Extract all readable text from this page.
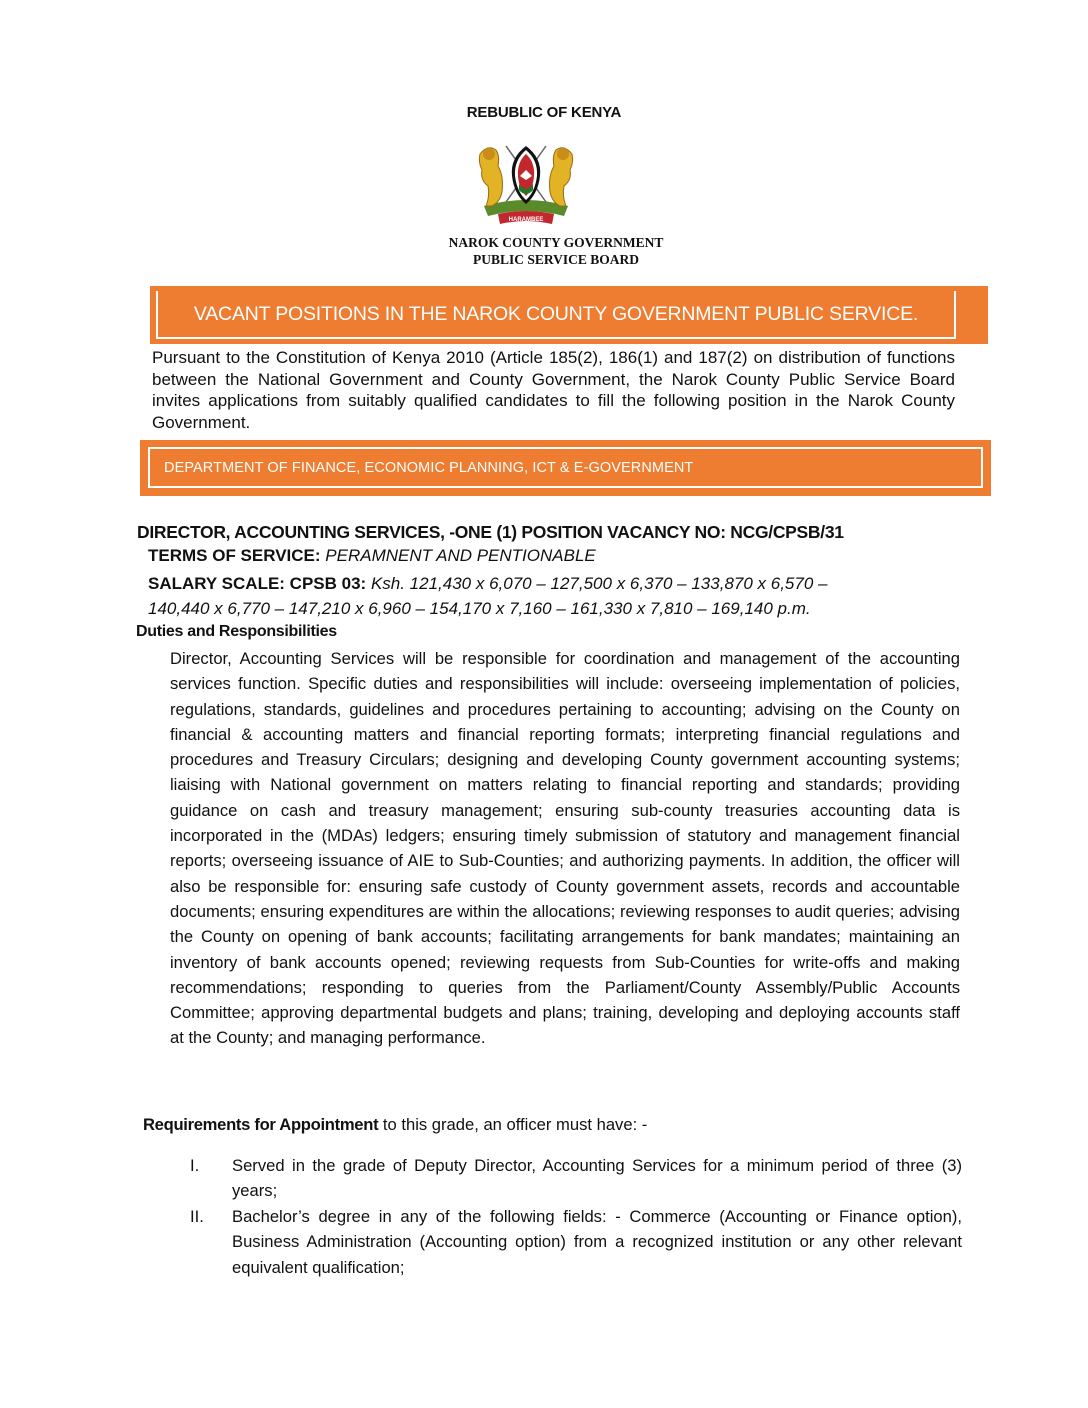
REBUBLIC OF KENYA
HARAMBEE
NAROK COUNTY GOVERNMENT
PUBLIC SERVICE BOARD
VACANT POSITIONS IN THE NAROK COUNTY GOVERNMENT PUBLIC SERVICE.
Pursuant to the Constitution of Kenya 2010 (Article 185(2), 186(1) and 187(2) on distribution of functions between the National Government and County Government, the Narok County Public Service Board invites applications from suitably qualified candidates to fill the following position in the Narok County Government.
DEPARTMENT OF FINANCE, ECONOMIC PLANNING, ICT & E-GOVERNMENT
DIRECTOR, ACCOUNTING SERVICES, -ONE (1) POSITION VACANCY NO: NCG/CPSB/31
TERMS OF SERVICE: PERAMNENT AND PENTIONABLE
SALARY SCALE: CPSB 03: Ksh. 121,430 x 6,070 – 127,500 x 6,370 – 133,870 x 6,570 –
140,440 x 6,770 – 147,210 x 6,960 – 154,170 x 7,160 – 161,330 x 7,810 – 169,140 p.m.
Duties and Responsibilities
Director, Accounting Services will be responsible for coordination and management of the accounting services function. Specific duties and responsibilities will include: overseeing implementation of policies, regulations, standards, guidelines and procedures pertaining to accounting; advising on the County on financial & accounting matters and financial reporting formats; interpreting financial regulations and procedures and Treasury Circulars; designing and developing County government accounting systems; liaising with National government on matters relating to financial reporting and standards; providing guidance on cash and treasury management; ensuring sub-county treasuries accounting data is incorporated in the (MDAs) ledgers; ensuring timely submission of statutory and management financial reports; overseeing issuance of AIE to Sub-Counties; and authorizing payments. In addition, the officer will also be responsible for: ensuring safe custody of County government assets, records and accountable documents; ensuring expenditures are within the allocations; reviewing responses to audit queries; advising the County on opening of bank accounts; facilitating arrangements for bank mandates; maintaining an inventory of bank accounts opened; reviewing requests from Sub-Counties for write-offs and making recommendations; responding to queries from the Parliament/County Assembly/Public Accounts Committee; approving departmental budgets and plans; training, developing and deploying accounts staff at the County; and managing performance.
Requirements for Appointment to this grade, an officer must have: -
I. Served in the grade of Deputy Director, Accounting Services for a minimum period of three (3) years;
II. Bachelor’s degree in any of the following fields: - Commerce (Accounting or Finance option), Business Administration (Accounting option) from a recognized institution or any other relevant equivalent qualification;
